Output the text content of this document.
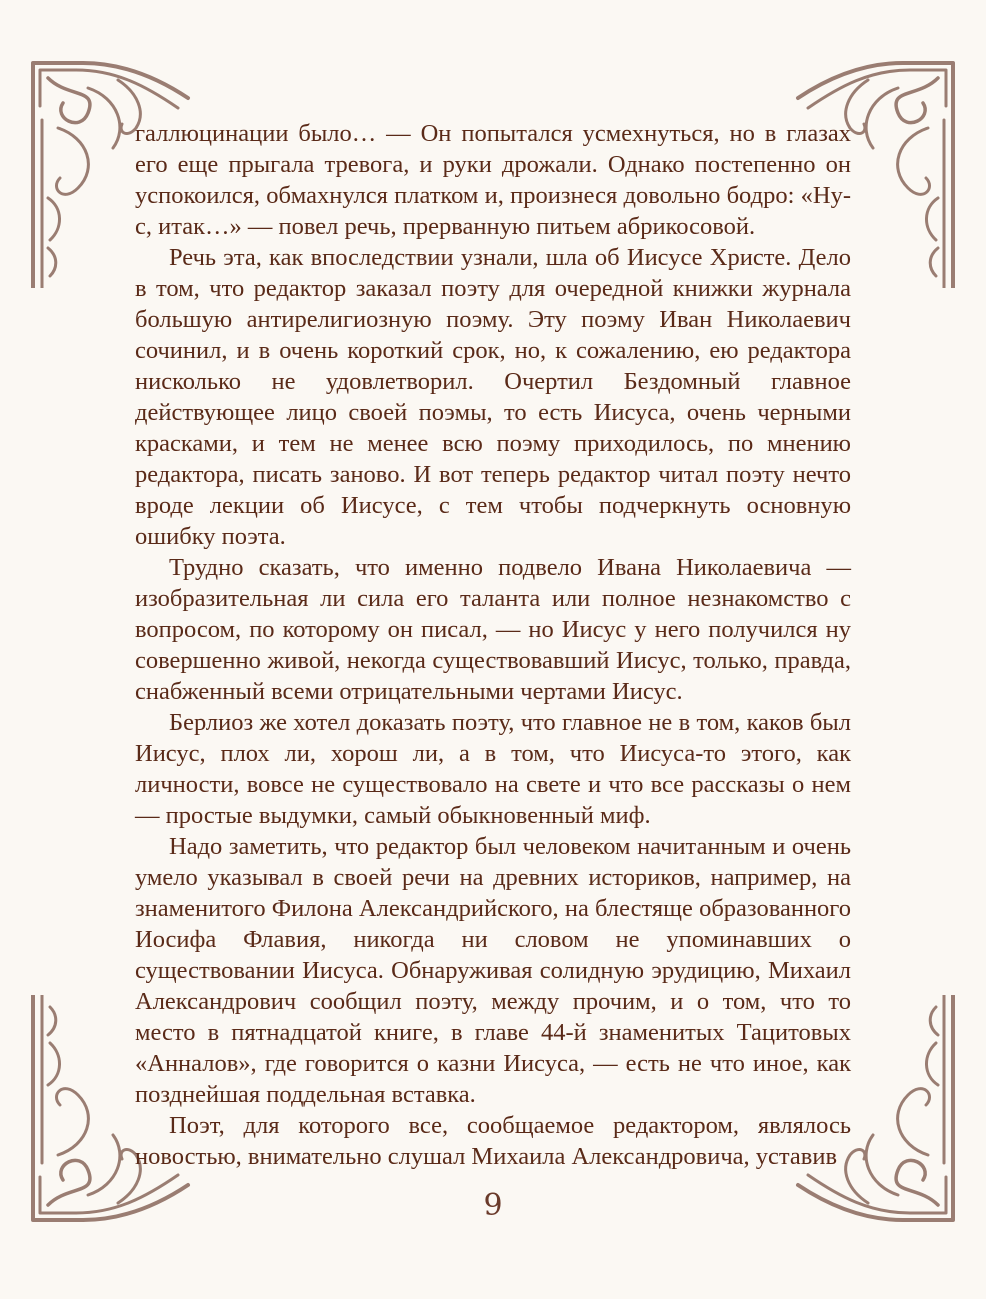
галлюцинации было… — Он попытался усмехнуться, но в глазах его еще прыгала тревога, и руки дрожали. Однако постепенно он успокоился, обмахнулся платком и, произнеся довольно бодро: «Ну-с, итак…» — повел речь, прерванную питьем абрикосовой.

Речь эта, как впоследствии узнали, шла об Иисусе Христе. Дело в том, что редактор заказал поэту для очередной книжки журнала большую антирелигиозную поэму. Эту поэму Иван Николаевич сочинил, и в очень короткий срок, но, к сожалению, ею редактора нисколько не удовлетворил. Очертил Бездомный главное действующее лицо своей поэмы, то есть Иисуса, очень черными красками, и тем не менее всю поэму приходилось, по мнению редактора, писать заново. И вот теперь редактор читал поэту нечто вроде лекции об Иисусе, с тем чтобы подчеркнуть основную ошибку поэта.

Трудно сказать, что именно подвело Ивана Николаевича — изобразительная ли сила его таланта или полное незнакомство с вопросом, по которому он писал, — но Иисус у него получился ну совершенно живой, некогда существовавший Иисус, только, правда, снабженный всеми отрицательными чертами Иисус.

Берлиоз же хотел доказать поэту, что главное не в том, каков был Иисус, плох ли, хорош ли, а в том, что Иисуса-то этого, как личности, вовсе не существовало на свете и что все рассказы о нем — простые выдумки, самый обыкновенный миф.

Надо заметить, что редактор был человеком начитанным и очень умело указывал в своей речи на древних историков, например, на знаменитого Филона Александрийского, на блестяще образованного Иосифа Флавия, никогда ни словом не упоминавших о существовании Иисуса. Обнаруживая солидную эрудицию, Михаил Александрович сообщил поэту, между прочим, и о том, что то место в пятнадцатой книге, в главе 44-й знаменитых Тацитовых «Анналов», где говорится о казни Иисуса, — есть не что иное, как позднейшая поддельная вставка.

Поэт, для которого все, сообщаемое редактором, являлось новостью, внимательно слушал Михаила Александровича, уставив

9
